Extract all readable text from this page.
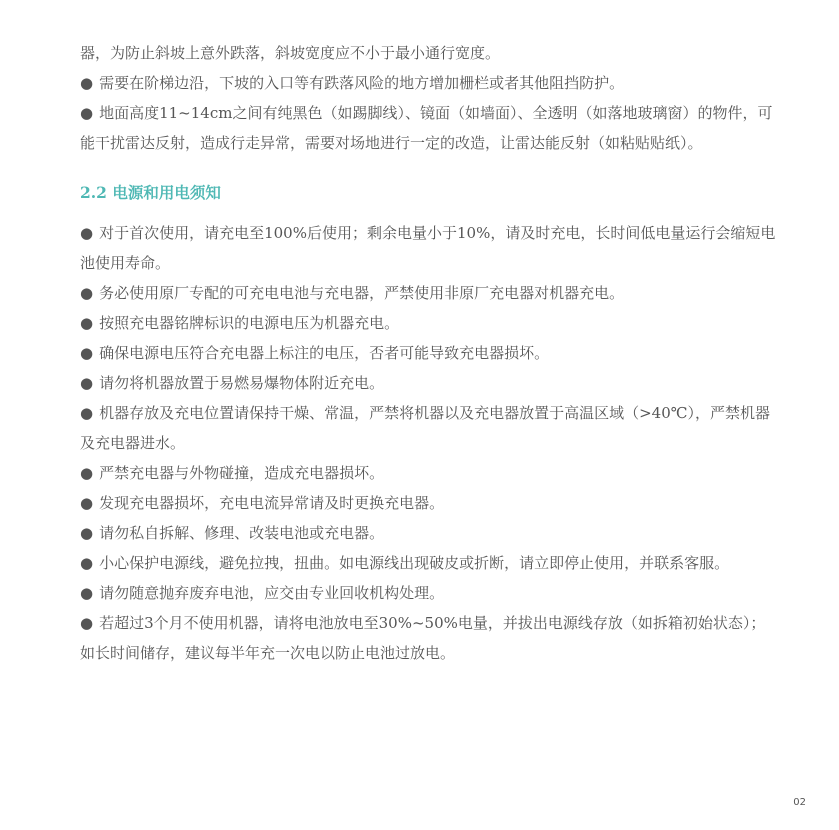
器，为防止斜坡上意外跌落，斜坡宽度应不小于最小通行宽度。

● 需要在阶梯边沿，下坡的入口等有跌落风险的地方增加栅栏或者其他阻挡防护。

● 地面高度11~14cm之间有纯黑色（如踢脚线）、镜面（如墙面）、全透明（如落地玻璃窗）的物件，可能干扰雷达反射，造成行走异常，需要对场地进行一定的改造，让雷达能反射（如粘贴贴纸）。

2.2 电源和用电须知

● 对于首次使用，请充电至100%后使用；剩余电量小于10%，请及时充电，长时间低电量运行会缩短电池使用寿命。

● 务必使用原厂专配的可充电电池与充电器，严禁使用非原厂充电器对机器充电。

● 按照充电器铭牌标识的电源电压为机器充电。

● 确保电源电压符合充电器上标注的电压，否者可能导致充电器损坏。

● 请勿将机器放置于易燃易爆物体附近充电。

● 机器存放及充电位置请保持干燥、常温，严禁将机器以及充电器放置于高温区域（>40℃），严禁机器及充电器进水。

● 严禁充电器与外物碰撞，造成充电器损坏。

● 发现充电器损坏，充电电流异常请及时更换充电器。

● 请勿私自拆解、修理、改装电池或充电器。

● 小心保护电源线，避免拉拽，扭曲。如电源线出现破皮或折断，请立即停止使用，并联系客服。

● 请勿随意抛弃废弃电池，应交由专业回收机构处理。

● 若超过3个月不使用机器，请将电池放电至30%~50%电量，并拔出电源线存放（如拆箱初始状态）；如长时间储存，建议每半年充一次电以防止电池过放电。

02
